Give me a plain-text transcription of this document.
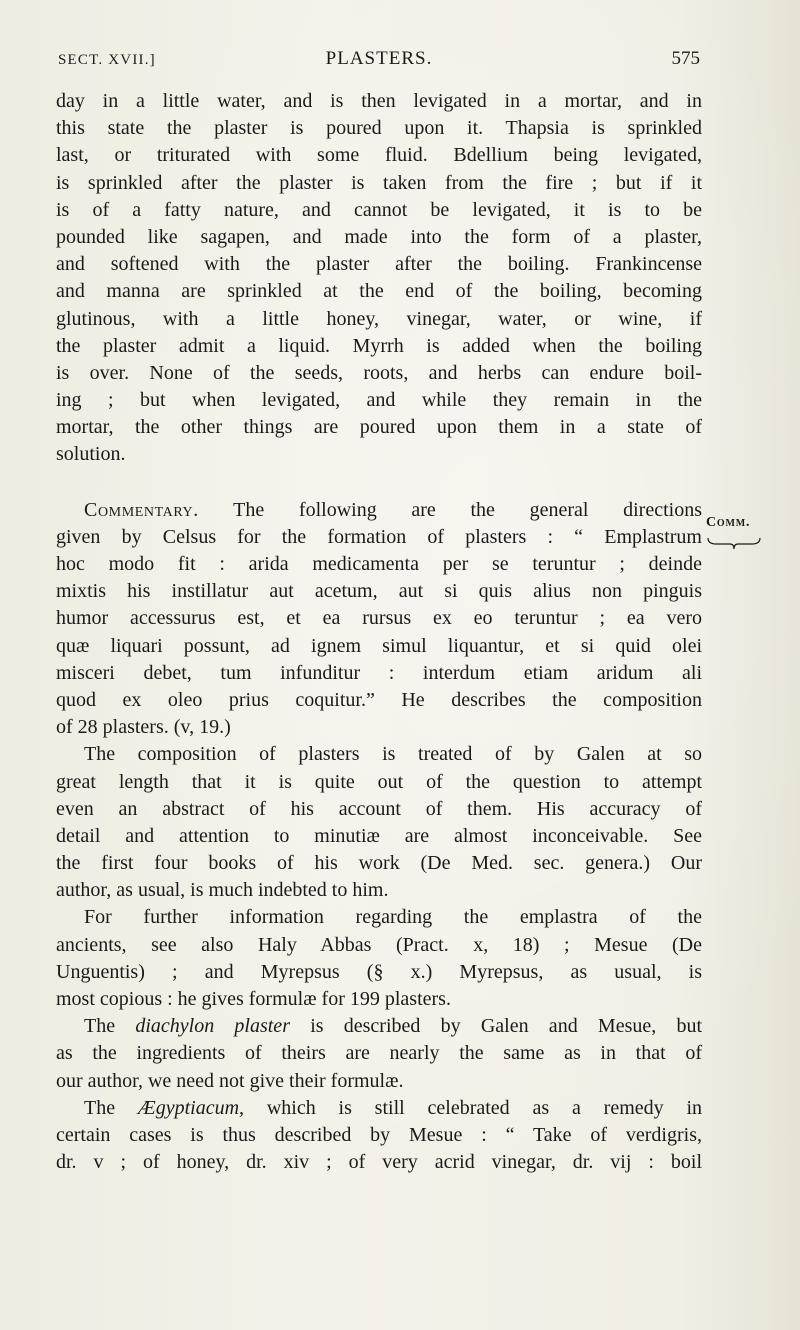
SECT. XVII.]	PLASTERS.	575
Comm.
day in a little water, and is then levigated in a mortar, and in
this state the plaster is poured upon it. Thapsia is sprinkled
last, or triturated with some fluid. Bdellium being levigated,
is sprinkled after the plaster is taken from the fire ; but if it
is of a fatty nature, and cannot be levigated, it is to be
pounded like sagapen, and made into the form of a plaster,
and softened with the plaster after the boiling. Frankincense
and manna are sprinkled at the end of the boiling, becoming
glutinous, with a little honey, vinegar, water, or wine, if
the plaster admit a liquid. Myrrh is added when the boiling
is over. None of the seeds, roots, and herbs can endure boil-
ing ; but when levigated, and while they remain in the
mortar, the other things are poured upon them in a state of
solution.
Commentary. The following are the general directions
given by Celsus for the formation of plasters : “ Emplastrum
hoc modo fit : arida medicamenta per se teruntur ; deinde
mixtis his instillatur aut acetum, aut si quis alius non pinguis
humor accessurus est, et ea rursus ex eo teruntur ; ea vero
quæ liquari possunt, ad ignem simul liquantur, et si quid olei
misceri debet, tum infunditur : interdum etiam aridum ali
quod ex oleo prius coquitur.” He describes the composition
of 28 plasters. (v, 19.)
The composition of plasters is treated of by Galen at so
great length that it is quite out of the question to attempt
even an abstract of his account of them. His accuracy of
detail and attention to minutiæ are almost inconceivable. See
the first four books of his work (De Med. sec. genera.) Our
author, as usual, is much indebted to him.
For further information regarding the emplastra of the
ancients, see also Haly Abbas (Pract. x, 18) ; Mesue (De
Unguentis) ; and Myrepsus (§ x.) Myrepsus, as usual, is
most copious : he gives formulæ for 199 plasters.
The diachylon plaster is described by Galen and Mesue, but
as the ingredients of theirs are nearly the same as in that of
our author, we need not give their formulæ.
The Ægyptiacum, which is still celebrated as a remedy in
certain cases is thus described by Mesue : “ Take of verdigris,
dr. v ; of honey, dr. xiv ; of very acrid vinegar, dr. vij : boil
